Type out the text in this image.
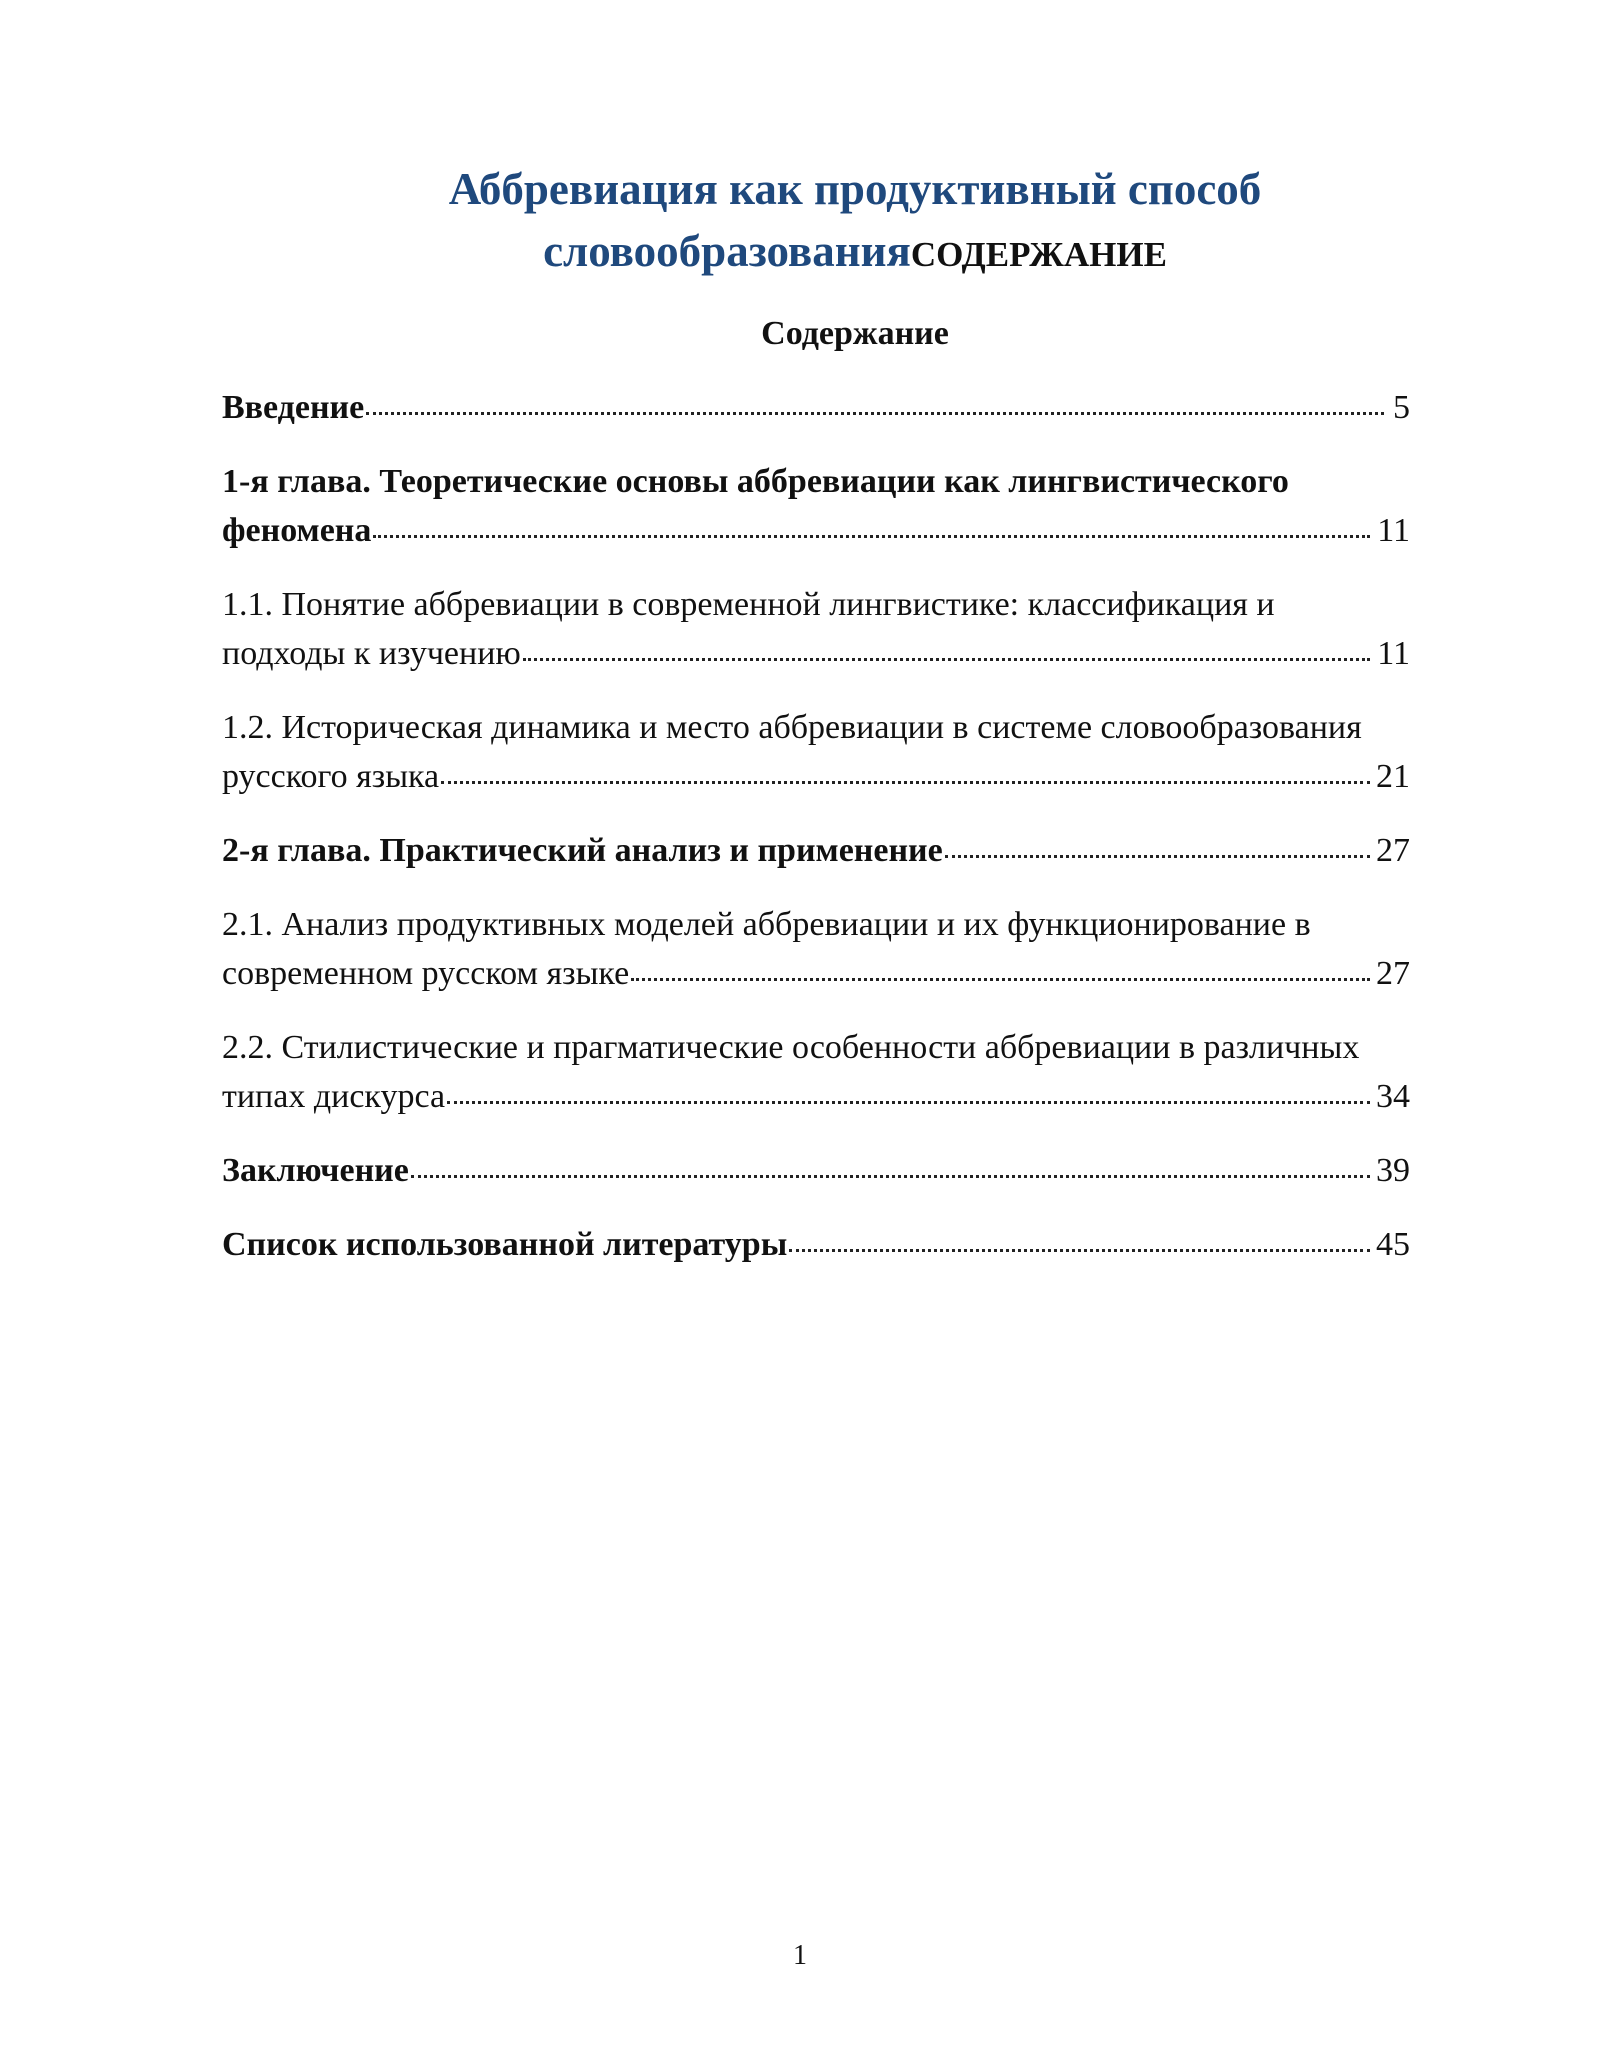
Аббревиация как продуктивный способ словообразованияСОДЕРЖАНИЕ
Содержание
Введение	5
1-я глава. Теоретические основы аббревиации как лингвистического
феномена	11
1.1. Понятие аббревиации в современной лингвистике: классификация и
подходы к изучению	11
1.2. Историческая динамика и место аббревиации в системе словообразования
русского языка	21
2-я глава. Практический анализ и применение	27
2.1. Анализ продуктивных моделей аббревиации и их функционирование в
современном русском языке	27
2.2. Стилистические и прагматические особенности аббревиации в различных
типах дискурса	34
Заключение	39
Список использованной литературы	45
1
